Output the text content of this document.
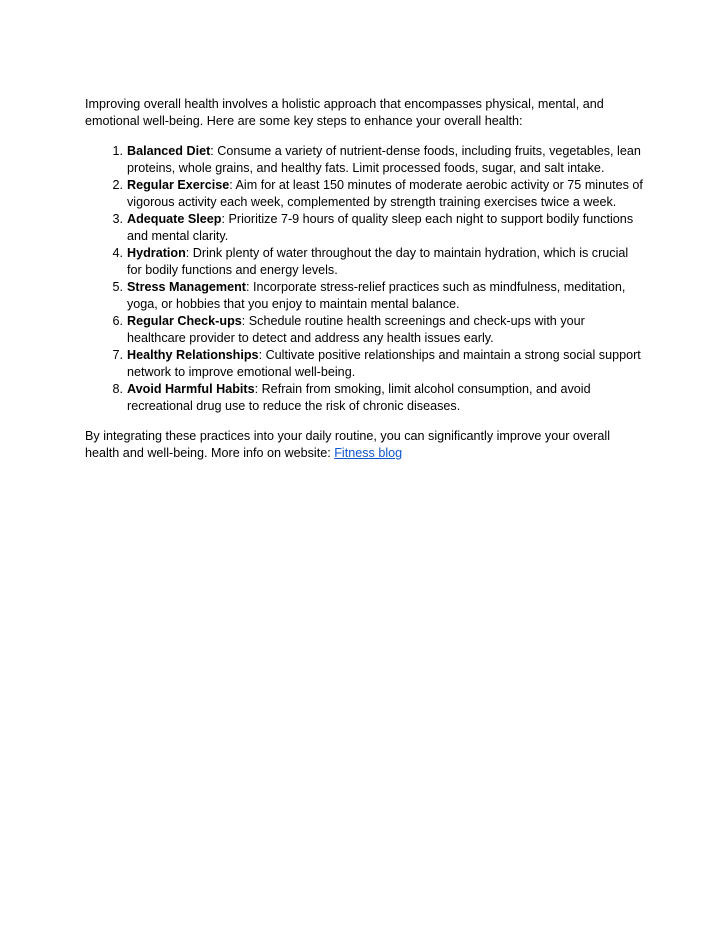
Improving overall health involves a holistic approach that encompasses physical, mental, and emotional well-being. Here are some key steps to enhance your overall health:

1. Balanced Diet: Consume a variety of nutrient-dense foods, including fruits, vegetables, lean proteins, whole grains, and healthy fats. Limit processed foods, sugar, and salt intake.
2. Regular Exercise: Aim for at least 150 minutes of moderate aerobic activity or 75 minutes of vigorous activity each week, complemented by strength training exercises twice a week.
3. Adequate Sleep: Prioritize 7-9 hours of quality sleep each night to support bodily functions and mental clarity.
4. Hydration: Drink plenty of water throughout the day to maintain hydration, which is crucial for bodily functions and energy levels.
5. Stress Management: Incorporate stress-relief practices such as mindfulness, meditation, yoga, or hobbies that you enjoy to maintain mental balance.
6. Regular Check-ups: Schedule routine health screenings and check-ups with your healthcare provider to detect and address any health issues early.
7. Healthy Relationships: Cultivate positive relationships and maintain a strong social support network to improve emotional well-being.
8. Avoid Harmful Habits: Refrain from smoking, limit alcohol consumption, and avoid recreational drug use to reduce the risk of chronic diseases.

By integrating these practices into your daily routine, you can significantly improve your overall health and well-being. More info on website: Fitness blog
